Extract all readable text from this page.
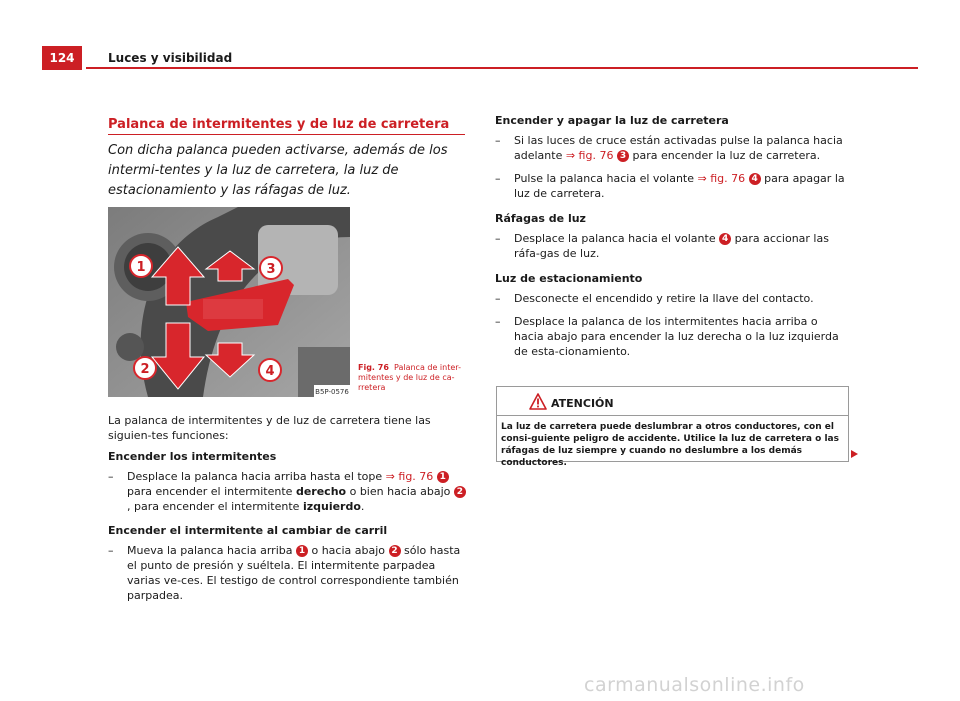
124	Luces y visibilidad
Palanca de intermitentes y de luz de carretera
Con dicha palanca pueden activarse, además de los intermi-tentes y la luz de carretera, la luz de estacionamiento y las ráfagas de luz.
1
2
3
4
B5P-0576
Fig. 76 Palanca de inter-mitentes y de luz de ca-rretera
La palanca de intermitentes y de luz de carretera tiene las siguien-tes funciones:
Encender los intermitentes
– Desplace la palanca hacia arriba hasta el tope ⇒ fig. 76 1 para encender el intermitente derecho o bien hacia abajo 2, para encender el intermitente izquierdo.
Encender el intermitente al cambiar de carril
– Mueva la palanca hacia arriba 1 o hacia abajo 2 sólo hasta el punto de presión y suéltela. El intermitente parpadea varias ve-ces. El testigo de control correspondiente también parpadea.
Encender y apagar la luz de carretera
– Si las luces de cruce están activadas pulse la palanca hacia adelante ⇒ fig. 76 3 para encender la luz de carretera.
– Pulse la palanca hacia el volante ⇒ fig. 76 4 para apagar la luz de carretera.
Ráfagas de luz
– Desplace la palanca hacia el volante 4 para accionar las ráfa-gas de luz.
Luz de estacionamiento
– Desconecte el encendido y retire la llave del contacto.
– Desplace la palanca de los intermitentes hacia arriba o hacia abajo para encender la luz derecha o la luz izquierda de esta-cionamiento.
ATENCIÓN
La luz de carretera puede deslumbrar a otros conductores, con el consi-guiente peligro de accidente. Utilice la luz de carretera o las ráfagas de luz siempre y cuando no deslumbre a los demás conductores.
carmanualsonline.info
